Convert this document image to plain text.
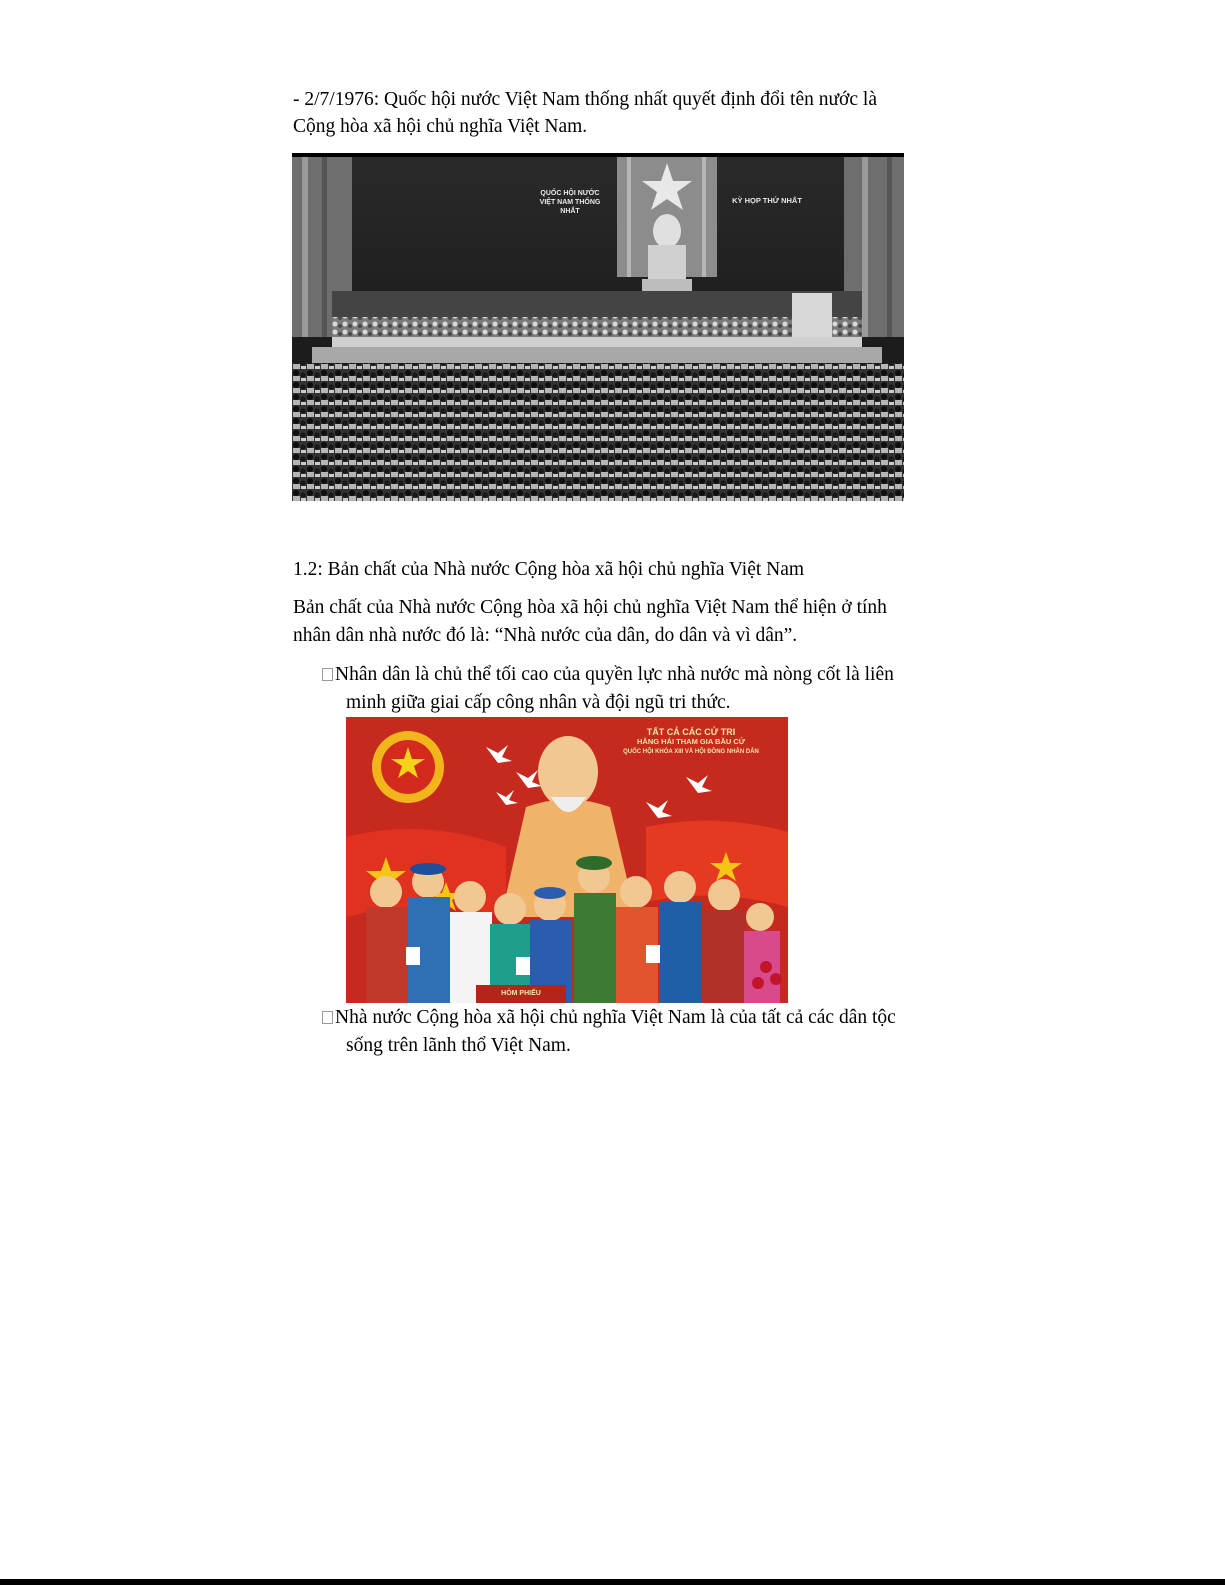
- 2/7/1976: Quốc hội nước Việt Nam thống nhất quyết định đổi tên nước là
Cộng hòa xã hội chủ nghĩa Việt Nam.
QUỐC HỘI NƯỚC
VIỆT NAM THỐNG NHẤT
KỲ HỌP THỨ NHẤT
1.2: Bản chất của Nhà nước Cộng hòa xã hội chủ nghĩa Việt Nam
Bản chất của Nhà nước Cộng hòa xã hội chủ nghĩa Việt Nam thể hiện ở tính
nhân dân nhà nước đó là: “Nhà nước của dân, do dân và vì dân”.
Nhân dân là chủ thể tối cao của quyền lực nhà nước mà nòng cốt là liên
minh giữa giai cấp công nhân và đội ngũ tri thức.
TẤT CẢ CÁC CỬ TRI
HĂNG HÁI THAM GIA BẦU CỬ
QUỐC HỘI KHÓA XIII VÀ HỘI ĐỒNG NHÂN DÂN
HÒM PHIẾU
Nhà nước Cộng hòa xã hội chủ nghĩa Việt Nam là của tất cả các dân tộc
sống trên lãnh thổ Việt Nam.
